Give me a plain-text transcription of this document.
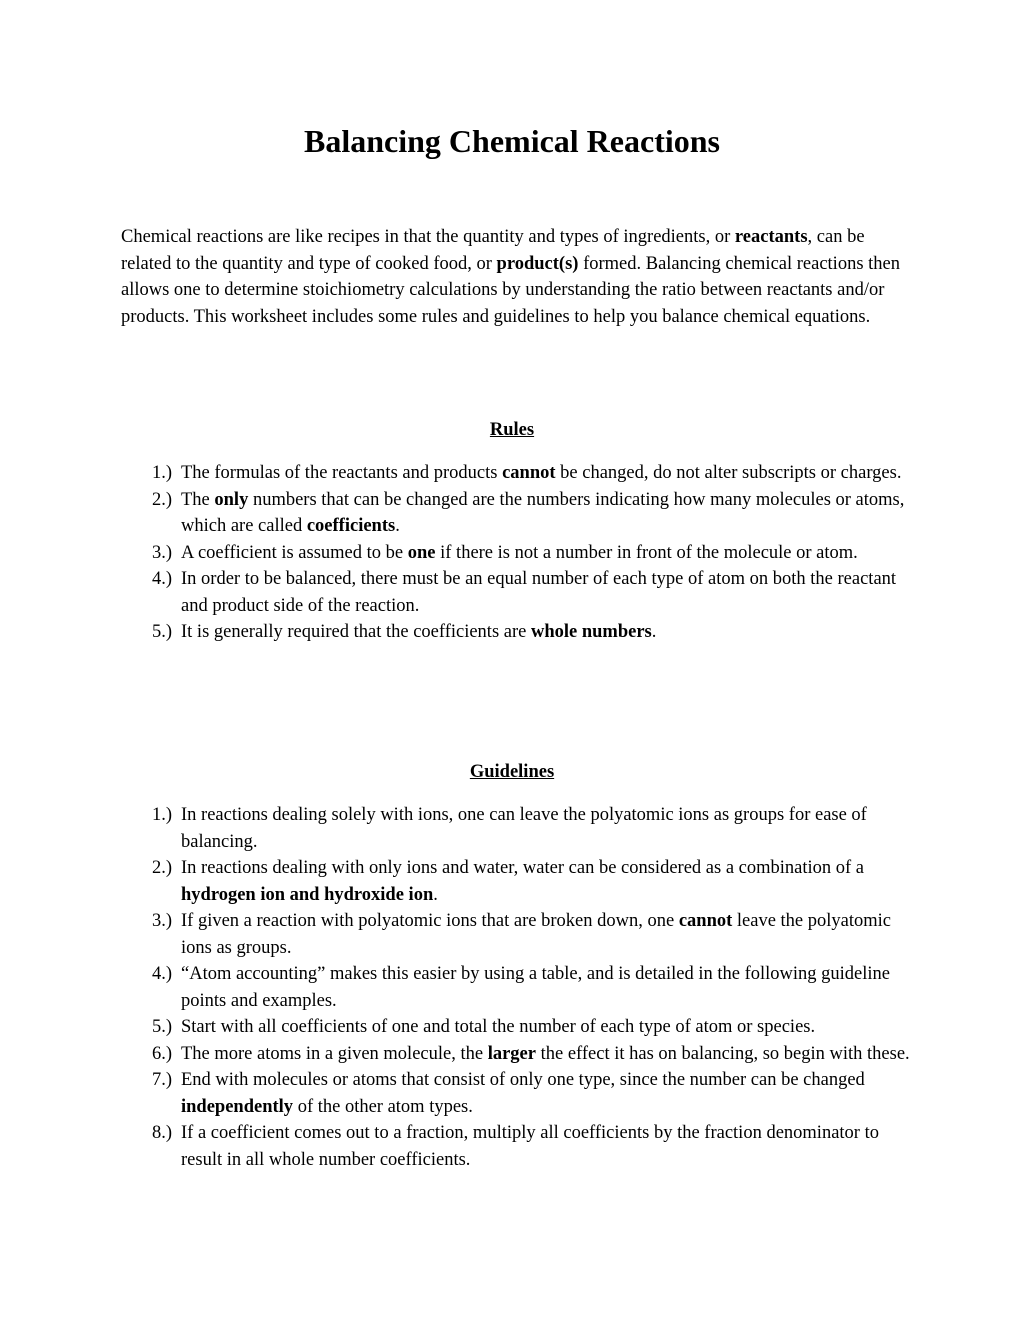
Balancing Chemical Reactions

Chemical reactions are like recipes in that the quantity and types of ingredients, or reactants, can be related to the quantity and type of cooked food, or product(s) formed. Balancing chemical reactions then allows one to determine stoichiometry calculations by understanding the ratio between reactants and/or products. This worksheet includes some rules and guidelines to help you balance chemical equations.

Rules
1.) The formulas of the reactants and products cannot be changed, do not alter subscripts or charges.
2.) The only numbers that can be changed are the numbers indicating how many molecules or atoms, which are called coefficients.
3.) A coefficient is assumed to be one if there is not a number in front of the molecule or atom.
4.) In order to be balanced, there must be an equal number of each type of atom on both the reactant and product side of the reaction.
5.) It is generally required that the coefficients are whole numbers.
Guidelines
1.) In reactions dealing solely with ions, one can leave the polyatomic ions as groups for ease of balancing.
2.) In reactions dealing with only ions and water, water can be considered as a combination of a hydrogen ion and hydroxide ion.
3.) If given a reaction with polyatomic ions that are broken down, one cannot leave the polyatomic ions as groups.
4.) “Atom accounting” makes this easier by using a table, and is detailed in the following guideline points and examples.
5.) Start with all coefficients of one and total the number of each type of atom or species.
6.) The more atoms in a given molecule, the larger the effect it has on balancing, so begin with these.
7.) End with molecules or atoms that consist of only one type, since the number can be changed independently of the other atom types.
8.) If a coefficient comes out to a fraction, multiply all coefficients by the fraction denominator to result in all whole number coefficients.
